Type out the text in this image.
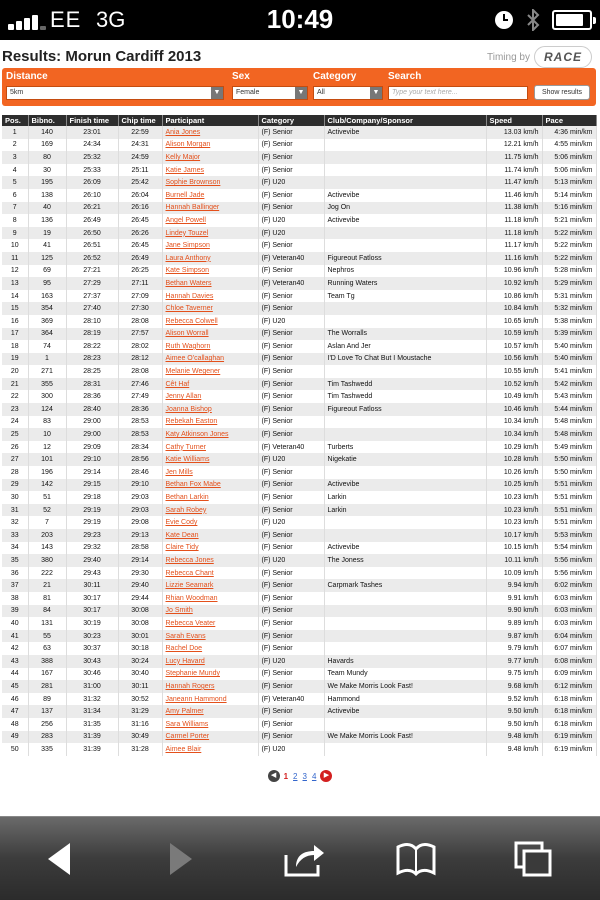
EE 3G	10:49
Results: Morun Cardiff 2013	Timing by	RACE
Distance
5km	▼
Sex
Female	▼
Category
All	▼
Search
Type your text here...	Show results
Pos.	Bibno.	Finish time	Chip time	Participant	Category	Club/Company/Sponsor	Speed	Pace
1	140	23:01	22:59	Ania Jones	(F) Senior	Activevibe	13.03 km/h	4:36 min/km
2	169	24:34	24:31	Alison Morgan	(F) Senior		12.21 km/h	4:55 min/km
3	80	25:32	24:59	Kelly Major	(F) Senior		11.75 km/h	5:06 min/km
4	30	25:33	25:11	Katie James	(F) Senior		11.74 km/h	5:06 min/km
5	195	26:09	25:42	Sophie Brownson	(F) U20		11.47 km/h	5:13 min/km
6	138	26:10	26:04	Burnell Jade	(F) Senior	Activevibe	11.46 km/h	5:14 min/km
7	40	26:21	26:16	Hannah Ballinger	(F) Senior	Jog On	11.38 km/h	5:16 min/km
8	136	26:49	26:45	Angel Powell	(F) U20	Activevibe	11.18 km/h	5:21 min/km
9	19	26:50	26:26	Lindey Touzel	(F) U20		11.18 km/h	5:22 min/km
10	41	26:51	26:45	Jane Simpson	(F) Senior		11.17 km/h	5:22 min/km
11	125	26:52	26:49	Laura Anthony	(F) Veteran40	Figureout Fatloss	11.16 km/h	5:22 min/km
12	69	27:21	26:25	Kate Simpson	(F) Senior	Nephros	10.96 km/h	5:28 min/km
13	95	27:29	27:11	Bethan Waters	(F) Veteran40	Running Waters	10.92 km/h	5:29 min/km
14	163	27:37	27:09	Hannah Davies	(F) Senior	Team Tg	10.86 km/h	5:31 min/km
15	354	27:40	27:30	Chloe Taverner	(F) Senior		10.84 km/h	5:32 min/km
16	369	28:10	28:08	Rebecca Colwell	(F) U20		10.65 km/h	5:38 min/km
17	364	28:19	27:57	Alison Worrall	(F) Senior	The Worralls	10.59 km/h	5:39 min/km
18	74	28:22	28:02	Ruth Waghorn	(F) Senior	Aslan And Jer	10.57 km/h	5:40 min/km
19	1	28:23	28:12	Aimee O'callaghan	(F) Senior	I'D Love To Chat But I Moustache	10.56 km/h	5:40 min/km
20	271	28:25	28:08	Melanie Wegener	(F) Senior		10.55 km/h	5:41 min/km
21	355	28:31	27:46	Cêt Haf	(F) Senior	Tim Tashwedd	10.52 km/h	5:42 min/km
22	300	28:36	27:49	Jenny Allan	(F) Senior	Tim Tashwedd	10.49 km/h	5:43 min/km
23	124	28:40	28:36	Joanna Bishop	(F) Senior	Figureout Fatloss	10.46 km/h	5:44 min/km
24	83	29:00	28:53	Rebekah Easton	(F) Senior		10.34 km/h	5:48 min/km
25	10	29:00	28:53	Katy Atkinson Jones	(F) Senior		10.34 km/h	5:48 min/km
26	12	29:09	28:34	Cathy Turner	(F) Veteran40	Turberts	10.29 km/h	5:49 min/km
27	101	29:10	28:56	Katie Williams	(F) U20	Nigekatie	10.28 km/h	5:50 min/km
28	196	29:14	28:46	Jen Mills	(F) Senior		10.26 km/h	5:50 min/km
29	142	29:15	29:10	Bethan Fox Mabe	(F) Senior	Activevibe	10.25 km/h	5:51 min/km
30	51	29:18	29:03	Bethan Larkin	(F) Senior	Larkin	10.23 km/h	5:51 min/km
31	52	29:19	29:03	Sarah Robey	(F) Senior	Larkin	10.23 km/h	5:51 min/km
32	7	29:19	29:08	Evie Cody	(F) U20		10.23 km/h	5:51 min/km
33	203	29:23	29:13	Kate Dean	(F) Senior		10.17 km/h	5:53 min/km
34	143	29:32	28:58	Claire Tidy	(F) Senior	Activevibe	10.15 km/h	5:54 min/km
35	380	29:40	29:14	Rebecca Jones	(F) U20	The Joness	10.11 km/h	5:56 min/km
36	222	29:43	29:30	Rebecca Chant	(F) Senior		10.09 km/h	5:56 min/km
37	21	30:11	29:40	Lizzie Seamark	(F) Senior	Carpmark Tashes	9.94 km/h	6:02 min/km
38	81	30:17	29:44	Rhian Woodman	(F) Senior		9.91 km/h	6:03 min/km
39	84	30:17	30:08	Jo Smith	(F) Senior		9.90 km/h	6:03 min/km
40	131	30:19	30:08	Rebecca Veater	(F) Senior		9.89 km/h	6:03 min/km
41	55	30:23	30:01	Sarah Evans	(F) Senior		9.87 km/h	6:04 min/km
42	63	30:37	30:18	Rachel Doe	(F) Senior		9.79 km/h	6:07 min/km
43	388	30:43	30:24	Lucy Havard	(F) U20	Havards	9.77 km/h	6:08 min/km
44	167	30:46	30:40	Stephanie Mundy	(F) Senior	Team Mundy	9.75 km/h	6:09 min/km
45	281	31:00	30:11	Hannah Rogers	(F) Senior	We Make Morris Look Fast!	9.68 km/h	6:12 min/km
46	89	31:32	30:52	Janeann Hammond	(F) Veteran40	Hammond	9.52 km/h	6:18 min/km
47	137	31:34	31:29	Amy Palmer	(F) Senior	Activevibe	9.50 km/h	6:18 min/km
48	256	31:35	31:16	Sara Williams	(F) Senior		9.50 km/h	6:18 min/km
49	283	31:39	30:49	Carmel Porter	(F) Senior	We Make Morris Look Fast!	9.48 km/h	6:19 min/km
50	335	31:39	31:28	Aimee Blair	(F) U20		9.48 km/h	6:19 min/km
◀ 1 2 3 4	▶
